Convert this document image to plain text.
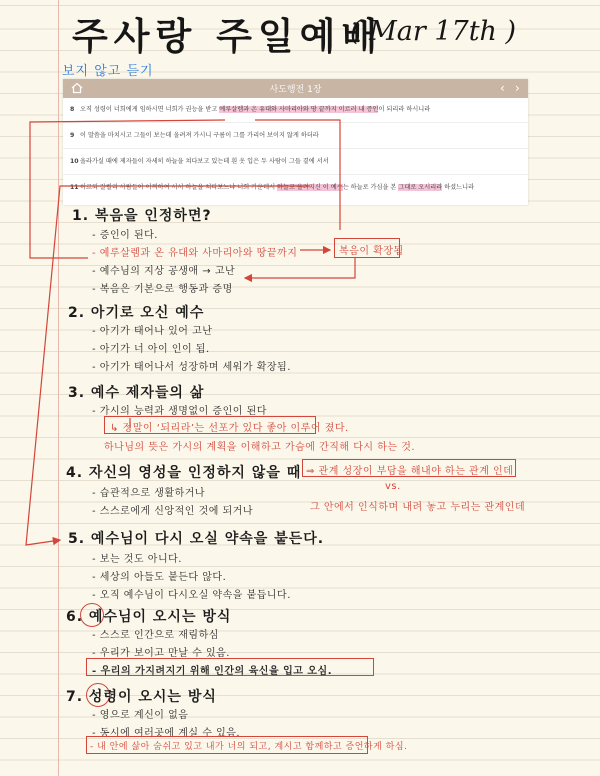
주사랑 주일예배
( Mar 17th )
보지 않고 듣기
사도행전 1장	‹ ›
8 오직 성령이 너희에게 임하시면 너희가 권능을 받고 예루살렘과 온 유대와 사마리아와 땅 끝까지 이르러 내 증인이 되리라 하시니라
9 이 말씀을 마치시고 그들이 보는데 올려져 가시니 구름이 그를 가리어 보이지 않게 하더라
10올라가실 때에 제자들이 자세히 하늘을 쳐다보고 있는데 흰 옷 입은 두 사람이 그들 곁에 서서
11이르되 갈릴리 사람들아 어찌하여 서서 하늘을 쳐다보느냐 너희 가운데서 하늘로 올려지신 이 예수는 하늘로 가심을 본 그대로 오시리라 하셨느니라
1. 복음을 인정하면?
- 증인이 된다.
- 예루살렘과 온 유대와 사마리아와 땅끝까지	복음이 확장됨
- 예수님의 지상 공생애 → 고난
- 복음은 기본으로 행동과 증명
2. 아기로 오신 예수
- 아기가 태어나 있어 고난
- 아기가 너 아이 인이 됨.
- 아기가 태어나서 성장하며 세워가 확장됨.
3. 예수 제자들의 삶
- 가시의 능력과 생명없이 증인이 된다
↳ 정말이 ‘되리라’는 선포가 있다 좋아 이루어 졌다.
하나님의 뜻은 가시의 계획을 이해하고 가슴에 간직해 다시 하는 것.
4. 자신의 영성을 인정하지 않을 때 ⇒ 관계 성장이 부담을 해내야 하는 관계 인데
vs.
- 습관적으로 생활하거나
그 안에서 인식하며 내려 놓고 누리는 관계인데
- 스스로에게 신앙적인 것에 되거나
5. 예수님이 다시 오실 약속을 붙든다.
- 보는 것도 아니다.
- 세상의 아들도 붙든다 않다.
- 오직 예수님이 다시오실 약속을 붙듭니다.
6. 예수님이 오시는 방식
- 스스로 인간으로 재림하심
- 우리가 보이고 만날 수 있음.
- 우리의 가지려지기 위해 인간의 육신을 입고 오심.
7. 성령이 오시는 방식
- 영으로 계신이 없음
- 동시에 여러곳에 계실 수 있음.
- 내 안에 삶아 숨쉬고 있고 내가 너의 되고, 계시고 함께하고 증언하게 하심.
